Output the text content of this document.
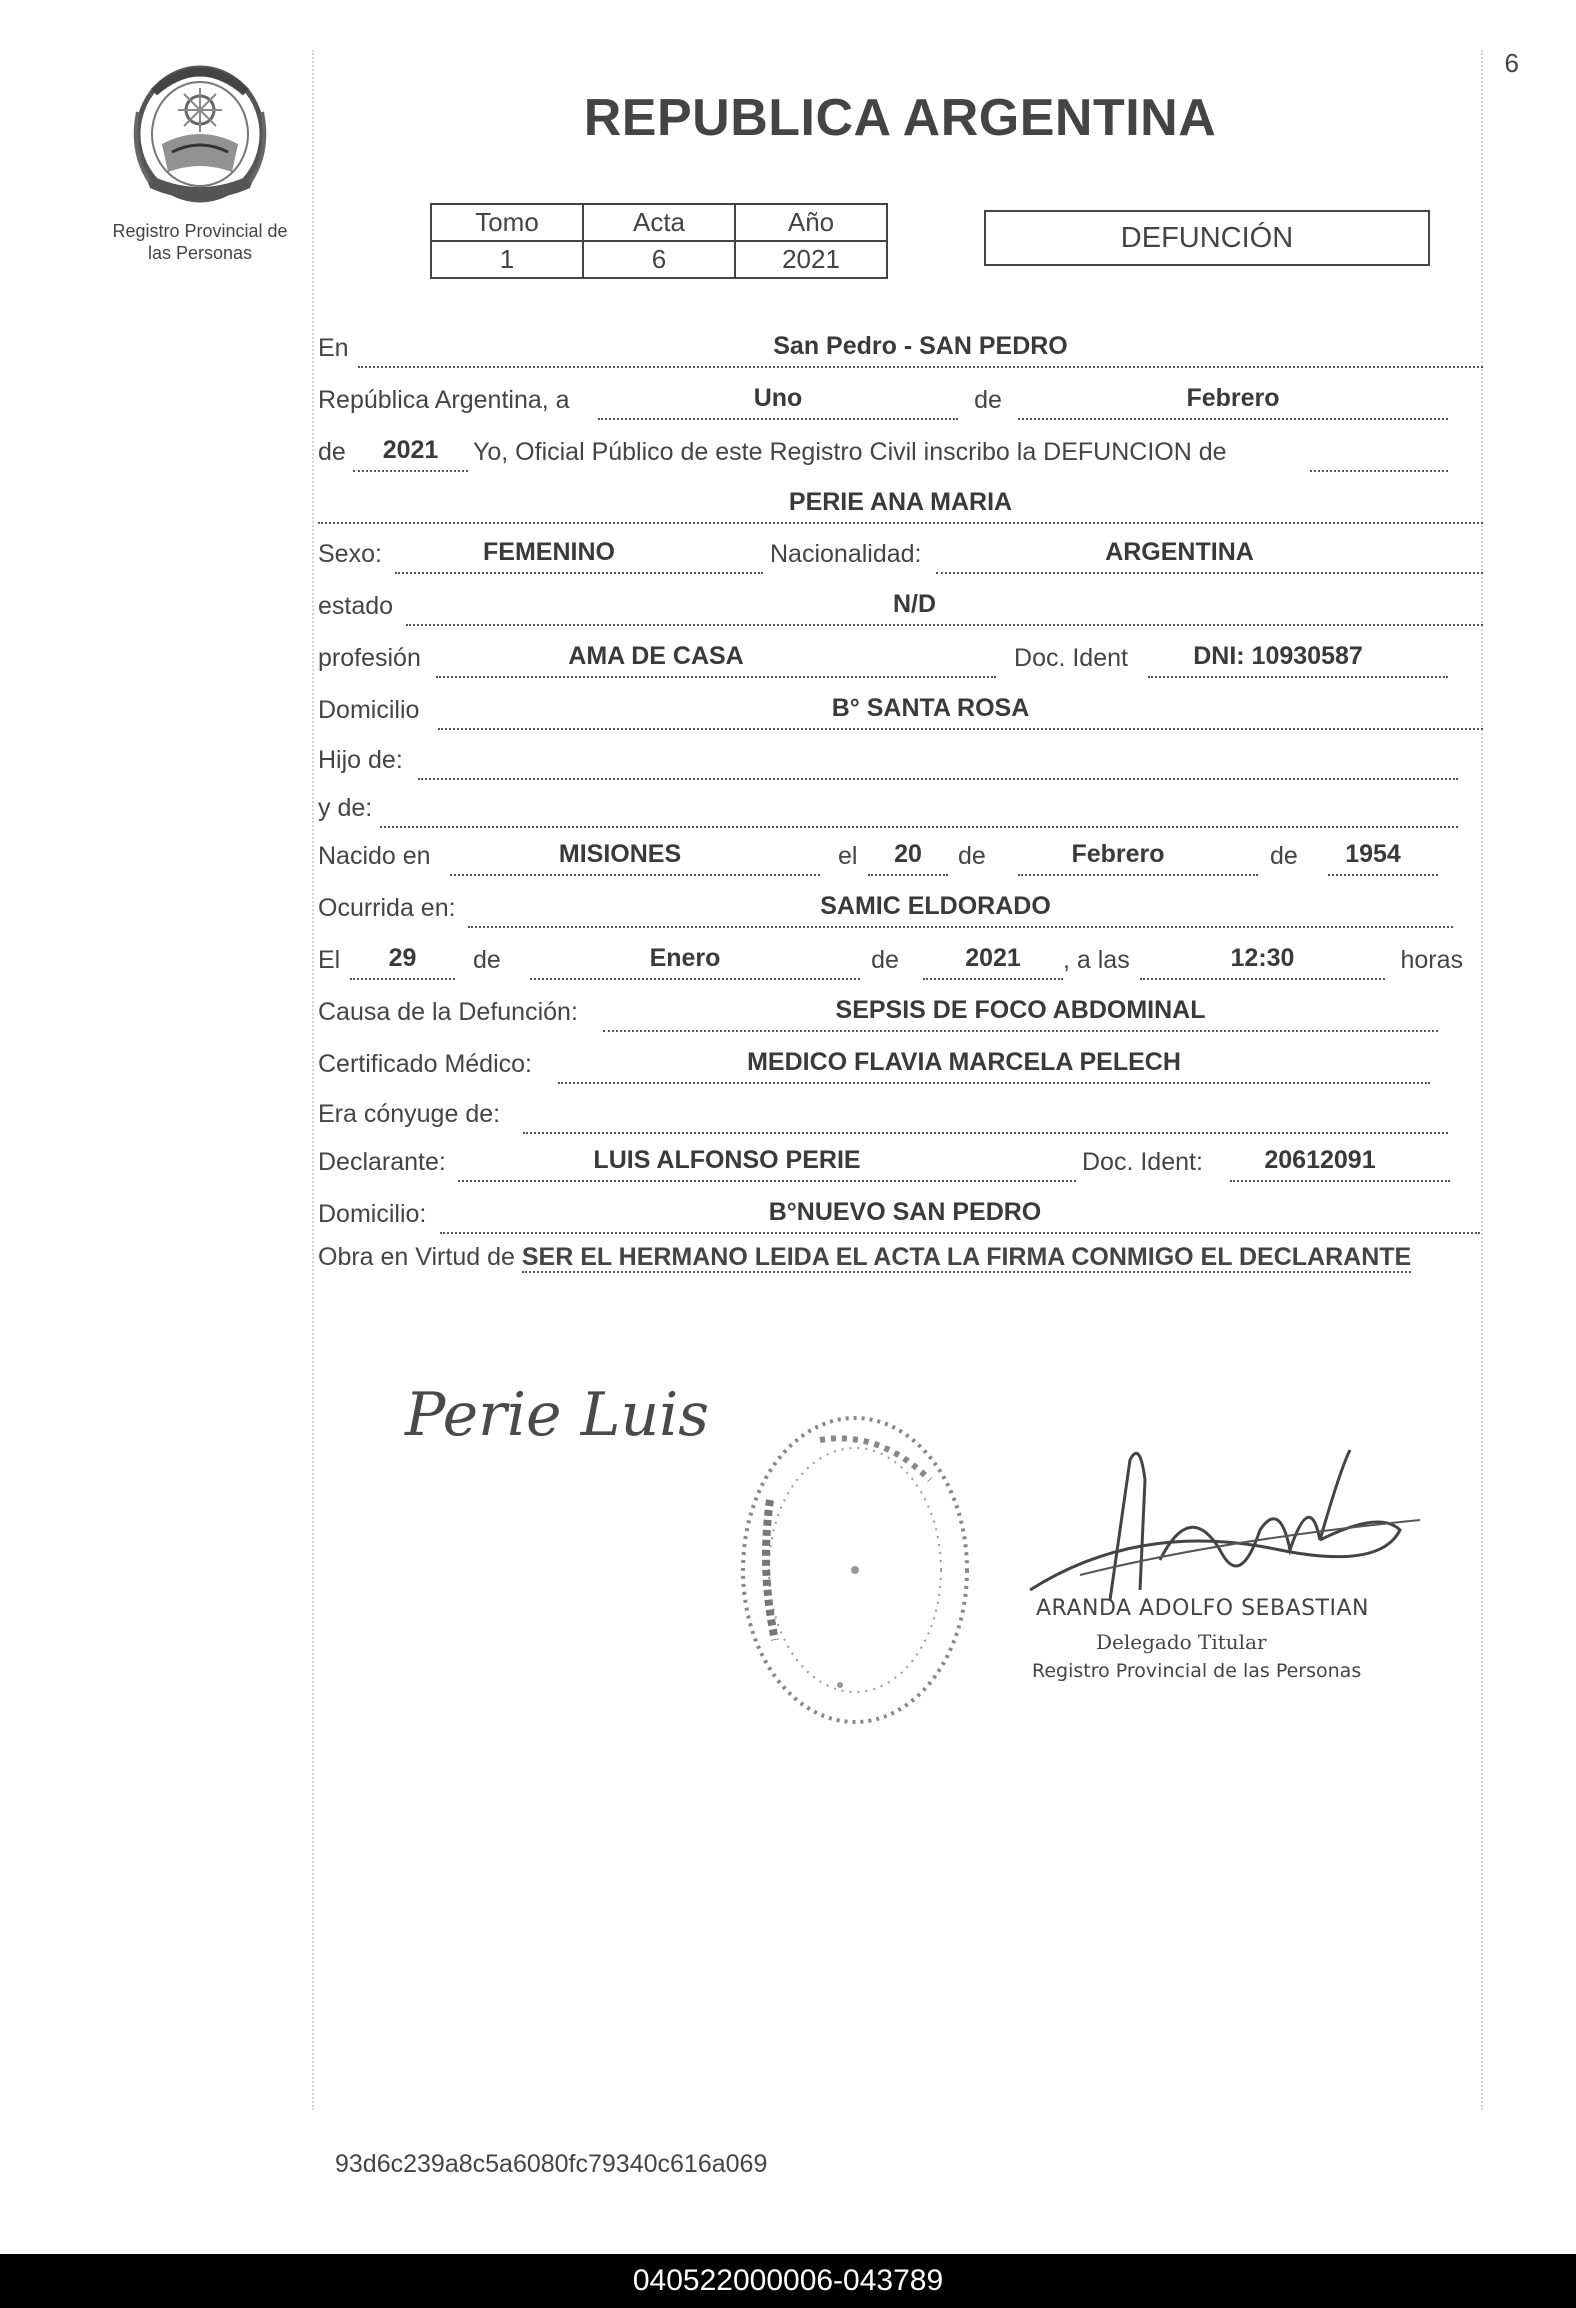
6
Registro Provincial de
las Personas
REPUBLICA ARGENTINA
Tomo	Acta	Año
1	6	2021
DEFUNCIÓN
En	San Pedro - SAN PEDRO
República Argentina, a	Uno	de	Febrero
de	2021	Yo, Oficial Público de este Registro Civil inscribo la DEFUNCION de
PERIE ANA MARIA
Sexo:	FEMENINO	Nacionalidad:	ARGENTINA
estado	N/D
profesión	AMA DE CASA	Doc. Ident	DNI: 10930587
Domicilio	B° SANTA ROSA
Hijo de:
y de:
Nacido en	MISIONES	el	20	de	Febrero	de	1954
Ocurrida en:	SAMIC ELDORADO
El	29	de	Enero	de	2021	, a las	12:30	horas
Causa de la Defunción:	SEPSIS DE FOCO ABDOMINAL
Certificado Médico:	MEDICO FLAVIA MARCELA PELECH
Era cónyuge de:
Declarante:	LUIS ALFONSO PERIE	Doc. Ident:	20612091
Domicilio:	B°NUEVO SAN PEDRO
Obra en Virtud de SER EL HERMANO LEIDA EL ACTA LA FIRMA CONMIGO EL DECLARANTE
Perie Luis
ARANDA ADOLFO SEBASTIAN
Delegado Titular
Registro Provincial de las Personas
93d6c239a8c5a6080fc79340c616a069
040522000006-043789
